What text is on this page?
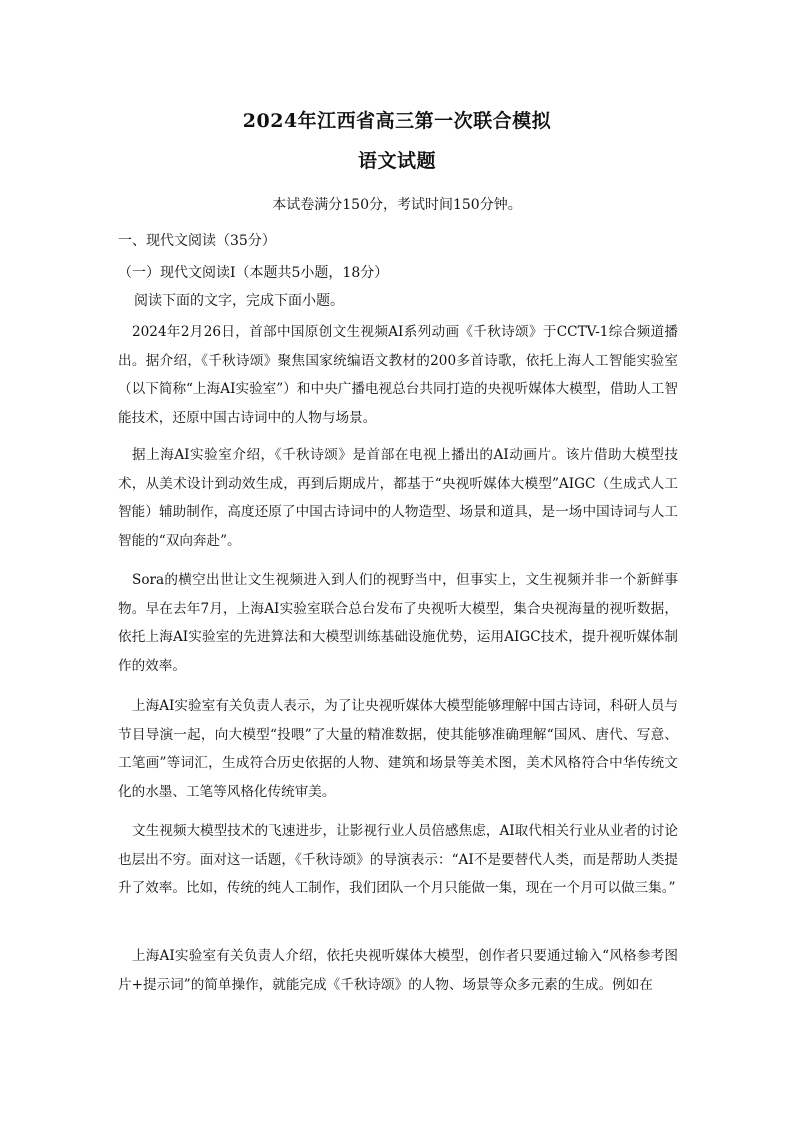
2024年江西省高三第一次联合模拟
语文试题
本试卷满分150分，考试时间150分钟。
一、现代文阅读（35分）
（一）现代文阅读Ⅰ（本题共5小题，18分）
阅读下面的文字，完成下面小题。

2024年2月26日，首部中国原创文生视频AI系列动画《千秋诗颂》于CCTV-1综合频道播出。据介绍，《千秋诗颂》聚焦国家统编语文教材的200多首诗歌，依托上海人工智能实验室（以下简称“上海AI实验室”）和中央广播电视总台共同打造的央视听媒体大模型，借助人工智能技术，还原中国古诗词中的人物与场景。

据上海AI实验室介绍，《千秋诗颂》是首部在电视上播出的AI动画片。该片借助大模型技术，从美术设计到动效生成，再到后期成片，都基于“央视听媒体大模型”AIGC（生成式人工智能）辅助制作，高度还原了中国古诗词中的人物造型、场景和道具，是一场中国诗词与人工智能的“双向奔赴”。

Sora的横空出世让文生视频进入到人们的视野当中，但事实上，文生视频并非一个新鲜事物。早在去年7月，上海AI实验室联合总台发布了央视听大模型，集合央视海量的视听数据，依托上海AI实验室的先进算法和大模型训练基础设施优势，运用AIGC技术，提升视听媒体制作的效率。

上海AI实验室有关负责人表示，为了让央视听媒体大模型能够理解中国古诗词，科研人员与节目导演一起，向大模型“投喂”了大量的精准数据，使其能够准确理解“国风、唐代、写意、工笔画”等词汇，生成符合历史依据的人物、建筑和场景等美术图，美术风格符合中华传统文化的水墨、工笔等风格化传统审美。

文生视频大模型技术的飞速进步，让影视行业人员倍感焦虑，AI取代相关行业从业者的讨论也层出不穷。面对这一话题，《千秋诗颂》的导演表示：“AI不是要替代人类，而是帮助人类提升了效率。比如，传统的纯人工制作，我们团队一个月只能做一集，现在一个月可以做三集。”

上海AI实验室有关负责人介绍，依托央视听媒体大模型，创作者只要通过输入“风格参考图片+提示词”的简单操作，就能完成《千秋诗颂》的人物、场景等众多元素的生成。例如在
